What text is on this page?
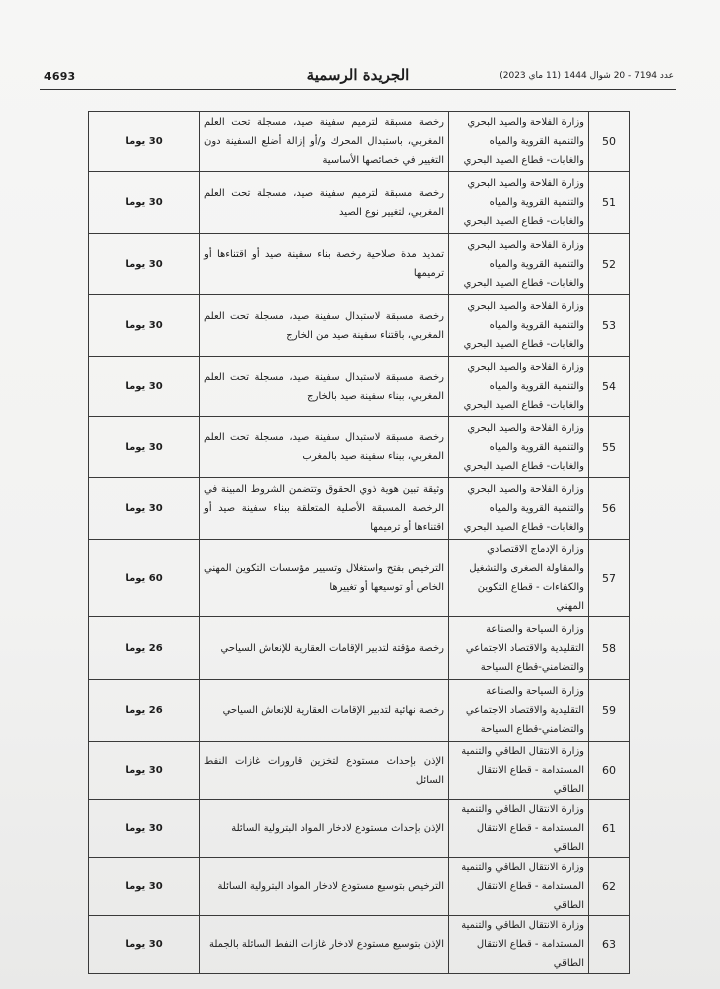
4693	الجريدة الرسمية	عدد 7194 - 20 شوال 1444 (11 ماي 2023)
50	وزارة الفلاحة والصيد البحري والتنمية القروية والمياه والغابات- قطاع الصيد البحري	رخصة مسبقة لترميم سفينة صيد، مسجلة تحت العلم المغربي، باستبدال المحرك و/أو إزالة أضلع السفينة دون التغيير في خصائصها الأساسية	30 يوما
51	وزارة الفلاحة والصيد البحري والتنمية القروية والمياه والغابات- قطاع الصيد البحري	رخصة مسبقة لترميم سفينة صيد، مسجلة تحت العلم المغربي، لتغيير نوع الصيد	30 يوما
52	وزارة الفلاحة والصيد البحري والتنمية القروية والمياه والغابات- قطاع الصيد البحري	تمديد مدة صلاحية رخصة بناء سفينة صيد أو اقتناءها أو ترميمها	30 يوما
53	وزارة الفلاحة والصيد البحري والتنمية القروية والمياه والغابات- قطاع الصيد البحري	رخصة مسبقة لاستبدال سفينة صيد، مسجلة تحت العلم المغربي، باقتناء سفينة صيد من الخارج	30 يوما
54	وزارة الفلاحة والصيد البحري والتنمية القروية والمياه والغابات- قطاع الصيد البحري	رخصة مسبقة لاستبدال سفينة صيد، مسجلة تحت العلم المغربي، ببناء سفينة صيد بالخارج	30 يوما
55	وزارة الفلاحة والصيد البحري والتنمية القروية والمياه والغابات- قطاع الصيد البحري	رخصة مسبقة لاستبدال سفينة صيد، مسجلة تحت العلم المغربي، ببناء سفينة صيد بالمغرب	30 يوما
56	وزارة الفلاحة والصيد البحري والتنمية القروية والمياه والغابات- قطاع الصيد البحري	وثيقة تبين هوية ذوي الحقوق وتتضمن الشروط المبينة في الرخصة المسبقة الأصلية المتعلقة ببناء سفينة صيد أو اقتناءها أو ترميمها	30 يوما
57	وزارة الإدماج الاقتصادي والمقاولة الصغرى والتشغيل والكفاءات - قطاع التكوين المهني	الترخيص بفتح واستغلال وتسيير مؤسسات التكوين المهني الخاص أو توسيعها أو تغييرها	60 يوما
58	وزارة السياحة والصناعة التقليدية والاقتصاد الاجتماعي والتضامني-قطاع السياحة	رخصة مؤقتة لتدبير الإقامات العقارية للإنعاش السياحي	26 يوما
59	وزارة السياحة والصناعة التقليدية والاقتصاد الاجتماعي والتضامني-قطاع السياحة	رخصة نهائية لتدبير الإقامات العقارية للإنعاش السياحي	26 يوما
60	وزارة الانتقال الطاقي والتنمية المستدامة - قطاع الانتقال الطاقي	الإذن بإحداث مستودع لتخزين قارورات غازات النفط السائل	30 يوما
61	وزارة الانتقال الطاقي والتنمية المستدامة - قطاع الانتقال الطاقي	الإذن بإحداث مستودع لادخار المواد البترولية السائلة	30 يوما
62	وزارة الانتقال الطاقي والتنمية المستدامة - قطاع الانتقال الطاقي	الترخيص بتوسيع مستودع لادخار المواد البترولية السائلة	30 يوما
63	وزارة الانتقال الطاقي والتنمية المستدامة - قطاع الانتقال الطاقي	الإذن بتوسيع مستودع لادخار غازات النفط السائلة بالجملة	30 يوما
